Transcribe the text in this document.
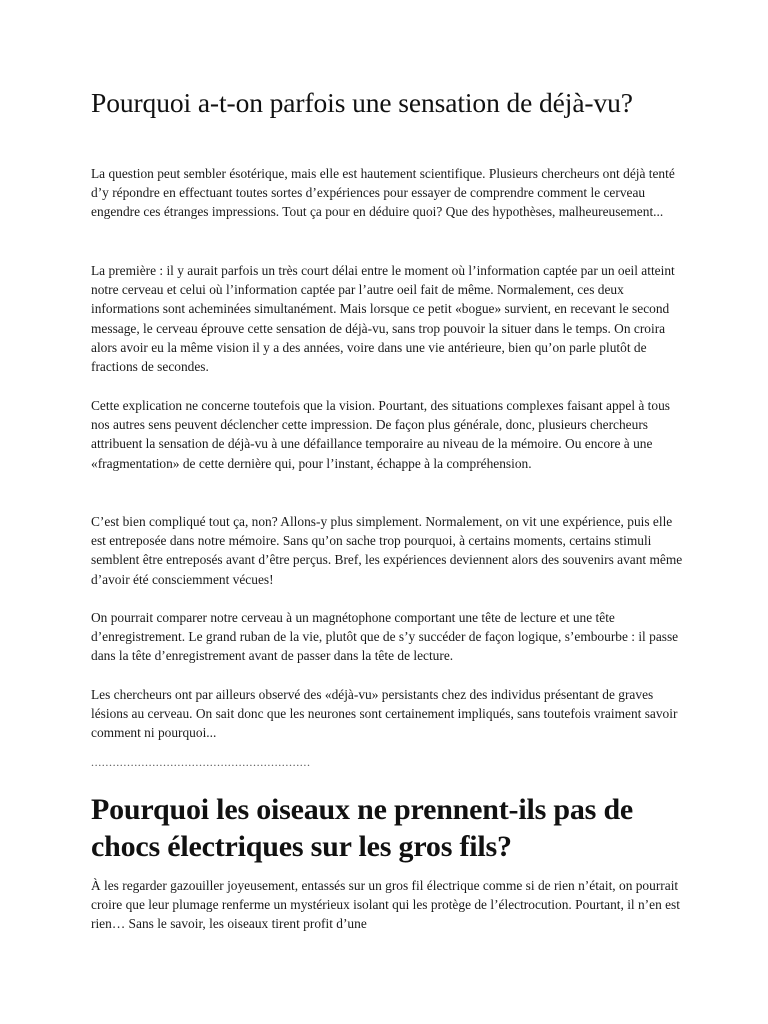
Pourquoi a-t-on parfois une sensation de déjà-vu?

La question peut sembler ésotérique, mais elle est hautement scientifique. Plusieurs chercheurs ont déjà tenté d’y répondre en effectuant toutes sortes d’expériences pour essayer de comprendre comment le cerveau engendre ces étranges impressions. Tout ça pour en déduire quoi? Que des hypothèses, malheureusement...

La première : il y aurait parfois un très court délai entre le moment où l’information captée par un oeil atteint notre cerveau et celui où l’information captée par l’autre oeil fait de même. Normalement, ces deux informations sont acheminées simultanément. Mais lorsque ce petit «bogue» survient, en recevant le second message, le cerveau éprouve cette sensation de déjà-vu, sans trop pouvoir la situer dans le temps. On croira alors avoir eu la même vision il y a des années, voire dans une vie antérieure, bien qu’on parle plutôt de fractions de secondes.

Cette explication ne concerne toutefois que la vision. Pourtant, des situations complexes faisant appel à tous nos autres sens peuvent déclencher cette impression. De façon plus générale, donc, plusieurs chercheurs attribuent la sensation de déjà-vu à une défaillance temporaire au niveau de la mémoire. Ou encore à une «fragmentation» de cette dernière qui, pour l’instant, échappe à la compréhension.

C’est bien compliqué tout ça, non? Allons-y plus simplement. Normalement, on vit une expérience, puis elle est entreposée dans notre mémoire. Sans qu’on sache trop pourquoi, à certains moments, certains stimuli semblent être entreposés avant d’être perçus. Bref, les expériences deviennent alors des souvenirs avant même d’avoir été consciemment vécues!

On pourrait comparer notre cerveau à un magnétophone comportant une tête de lecture et une tête d’enregistrement. Le grand ruban de la vie, plutôt que de s’y succéder de façon logique, s’embourbe : il passe dans la tête d’enregistrement avant de passer dans la tête de lecture.

Les chercheurs ont par ailleurs observé des «déjà-vu» persistants chez des individus présentant de graves lésions au cerveau. On sait donc que les neurones sont certainement impliqués, sans toutefois vraiment savoir comment ni pourquoi...

.............................................................
Pourquoi les oiseaux ne prennent-ils pas de chocs électriques sur les gros fils?

À les regarder gazouiller joyeusement, entassés sur un gros fil électrique comme si de rien n’était, on pourrait croire que leur plumage renferme un mystérieux isolant qui les protège de l’électrocution. Pourtant, il n’en est rien… Sans le savoir, les oiseaux tirent profit d’une
